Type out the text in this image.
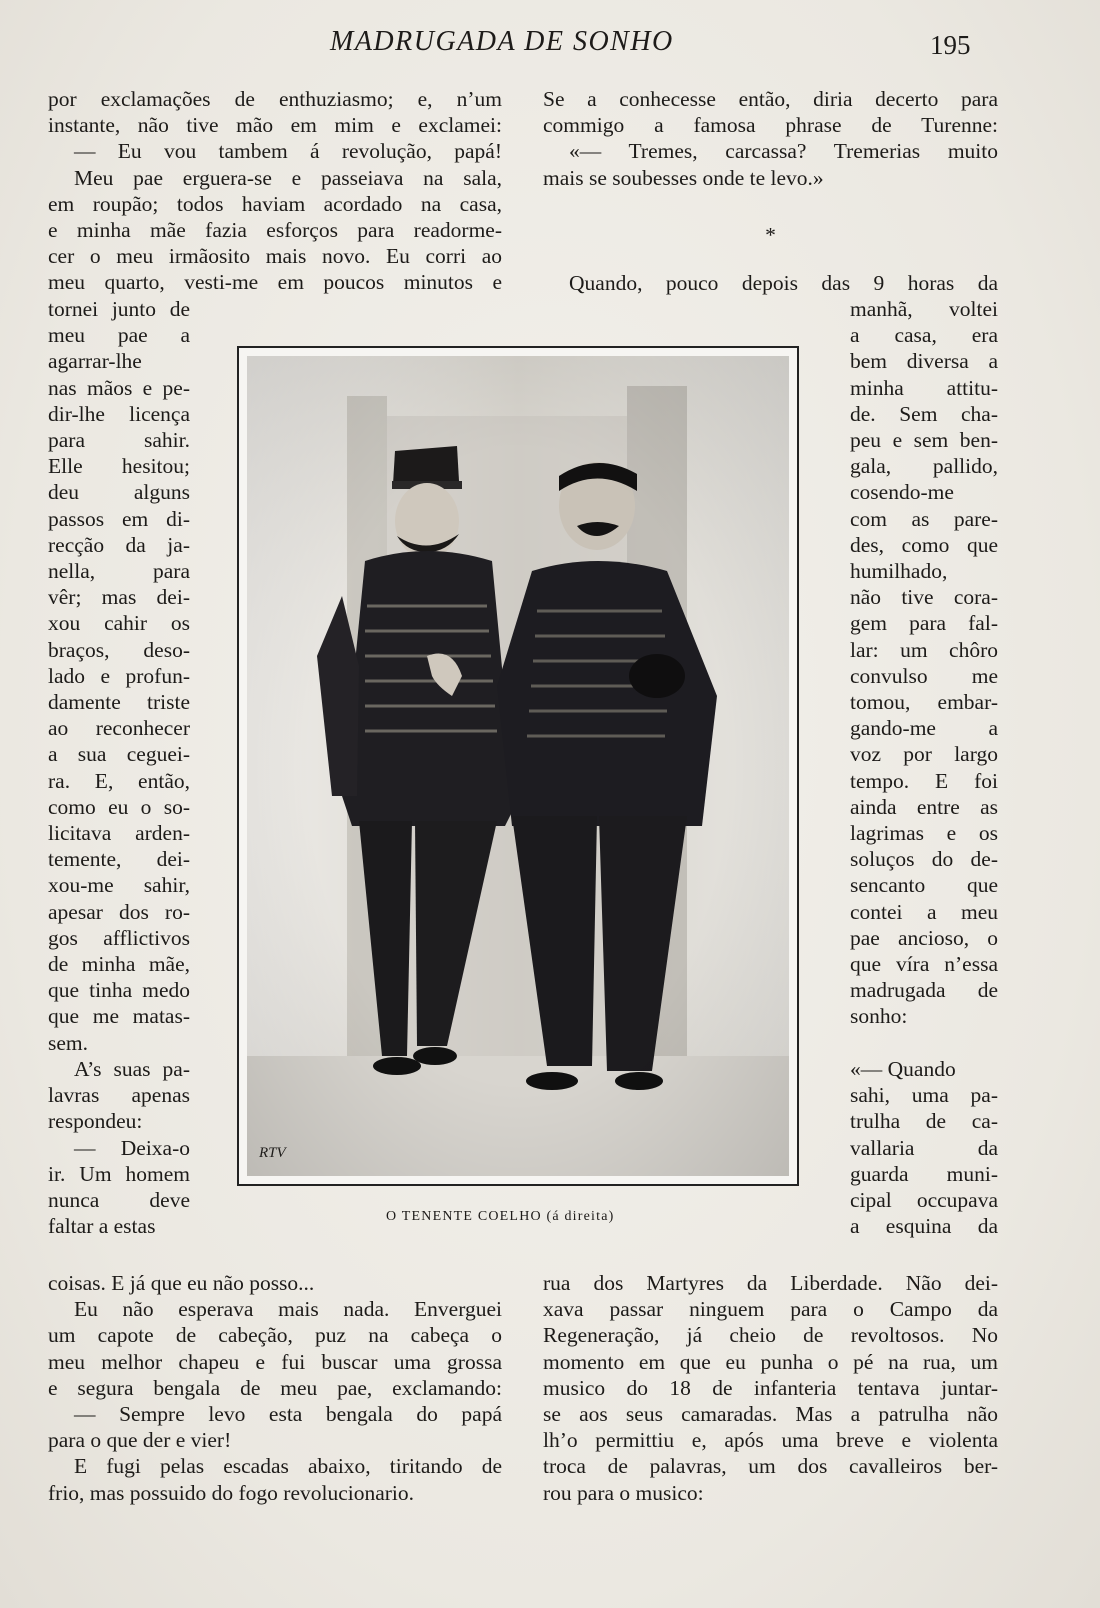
MADRUGADA DE SONHO	195
por exclamações de enthuziasmo; e, n’um
instante, não tive mão em mim e exclamei:
— Eu vou tambem á revolução, papá!
Meu pae erguera-se e passeiava na sala,
em roupão; todos haviam acordado na casa,
e minha mãe fazia esforços para readorme-
cer o meu irmãosito mais novo. Eu corri ao
meu quarto, vesti-me em poucos minutos e
tornei junto de
meu pae a
agarrar-lhe
nas mãos e pe-
dir-lhe licença
para sahir.
Elle hesitou;
deu alguns
passos em di-
recção da ja-
nella, para
vêr; mas dei-
xou cahir os
braços, deso-
lado e profun-
damente triste
ao reconhecer
a sua ceguei-
ra. E, então,
como eu o so-
licitava arden-
temente, dei-
xou-me sahir,
apesar dos ro-
gos afflictivos
de minha mãe,
que tinha medo
que me matas-
sem.
A’s suas pa-
lavras apenas
respondeu:
— Deixa-o
ir. Um homem
nunca deve
faltar a estas
coisas. E já que eu não posso...
Eu não esperava mais nada. Enverguei
um capote de cabeção, puz na cabeça o
meu melhor chapeu e fui buscar uma grossa
e segura bengala de meu pae, exclamando:
— Sempre levo esta bengala do papá
para o que der e vier!
E fugi pelas escadas abaixo, tiritando de
frio, mas possuido do fogo revolucionario.
Se a conhecesse então, diria decerto para
commigo a famosa phrase de Turenne:
«— Tremes, carcassa? Tremerias muito
mais se soubesses onde te levo.»
*
Quando, pouco depois das 9 horas da
manhã, voltei
a casa, era
bem diversa a
minha attitu-
de. Sem cha-
peu e sem ben-
gala, pallido,
cosendo-me
com as pare-
des, como que
humilhado,
não tive cora-
gem para fal-
lar: um chôro
convulso me
tomou, embar-
gando-me a
voz por largo
tempo. E foi
ainda entre as
lagrimas e os
soluços do de-
sencanto que
contei a meu
pae ancioso, o
que víra n’essa
madrugada de
sonho:

«— Quando
sahi, uma pa-
trulha de ca-
vallaria da
guarda muni-
cipal occupava
a esquina da
rua dos Martyres da Liberdade. Não dei-
xava passar ninguem para o Campo da
Regeneração, já cheio de revoltosos. No
momento em que eu punha o pé na rua, um
musico do 18 de infanteria tentava juntar-
se aos seus camaradas. Mas a patrulha não
lh’o permittiu e, após uma breve e violenta
troca de palavras, um dos cavalleiros ber-
rou para o musico:
RTV
O TENENTE COELHO (á direita)
